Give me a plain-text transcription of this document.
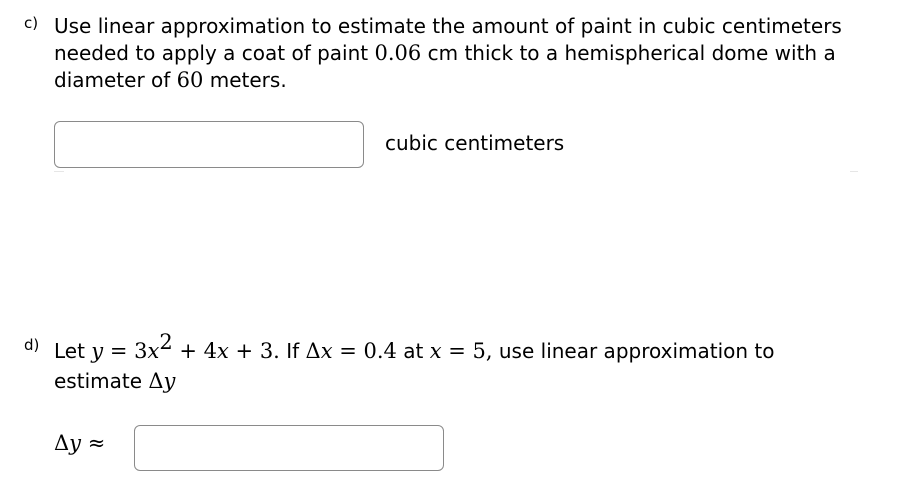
c) Use linear approximation to estimate the amount of paint in cubic centimeters
needed to apply a coat of paint 0.06 cm thick to a hemispherical dome with a
diameter of 60 meters.
cubic centimeters
d) Let $y = 3x^2 + 4x + 3$. If Δx = 0.4 at x = 5, use linear approximation to
estimate Δy
Δy ≈
